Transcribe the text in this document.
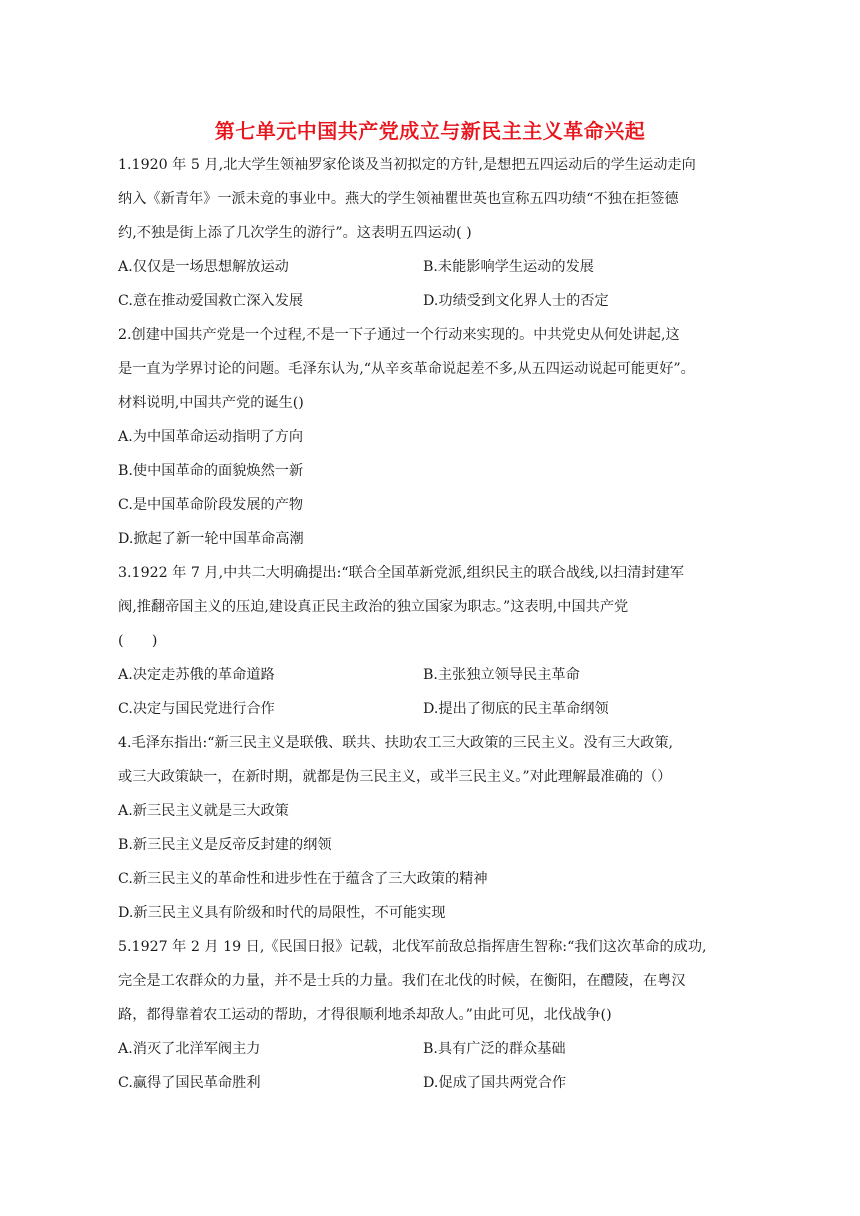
第七单元中国共产党成立与新民主主义革命兴起
1.1920 年 5 月,北大学生领袖罗家伦谈及当初拟定的方针,是想把五四运动后的学生运动走向
纳入《新青年》一派未竟的事业中。燕大的学生领袖瞿世英也宣称五四功绩“不独在拒签德
约,不独是街上添了几次学生的游行”。这表明五四运动( )
A.仅仅是一场思想解放运动	B.未能影响学生运动的发展
C.意在推动爱国救亡深入发展	D.功绩受到文化界人士的否定
2.创建中国共产党是一个过程,不是一下子通过一个行动来实现的。中共党史从何处讲起,这
是一直为学界讨论的问题。毛泽东认为,“从辛亥革命说起差不多,从五四运动说起可能更好”。
材料说明,中国共产党的诞生()
A.为中国革命运动指明了方向
B.使中国革命的面貌焕然一新
C.是中国革命阶段发展的产物
D.掀起了新一轮中国革命高潮
3.1922 年 7 月,中共二大明确提出:“联合全国革新党派,组织民主的联合战线,以扫清封建军
阀,推翻帝国主义的压迫,建设真正民主政治的独立国家为职志。”这表明,中国共产党
(　　)
A.决定走苏俄的革命道路	B.主张独立领导民主革命
C.决定与国民党进行合作	D.提出了彻底的民主革命纲领
4.毛泽东指出:“新三民主义是联俄、联共、扶助农工三大政策的三民主义。没有三大政策,
或三大政策缺一，在新时期，就都是伪三民主义，或半三民主义。”对此理解最准确的（）
A.新三民主义就是三大政策
B.新三民主义是反帝反封建的纲领
C.新三民主义的革命性和进步性在于蕴含了三大政策的精神
D.新三民主义具有阶级和时代的局限性，不可能实现
5.1927 年 2 月 19 日,《民国日报》记载，北伐军前敌总指挥唐生智称:“我们这次革命的成功,
完全是工农群众的力量，并不是士兵的力量。我们在北伐的时候，在衡阳，在醴陵，在粤汉
路，都得靠着农工运动的帮助，才得很顺利地杀却敌人。”由此可见，北伐战争()
A.消灭了北洋军阀主力	B.具有广泛的群众基础
C.赢得了国民革命胜利	D.促成了国共两党合作
